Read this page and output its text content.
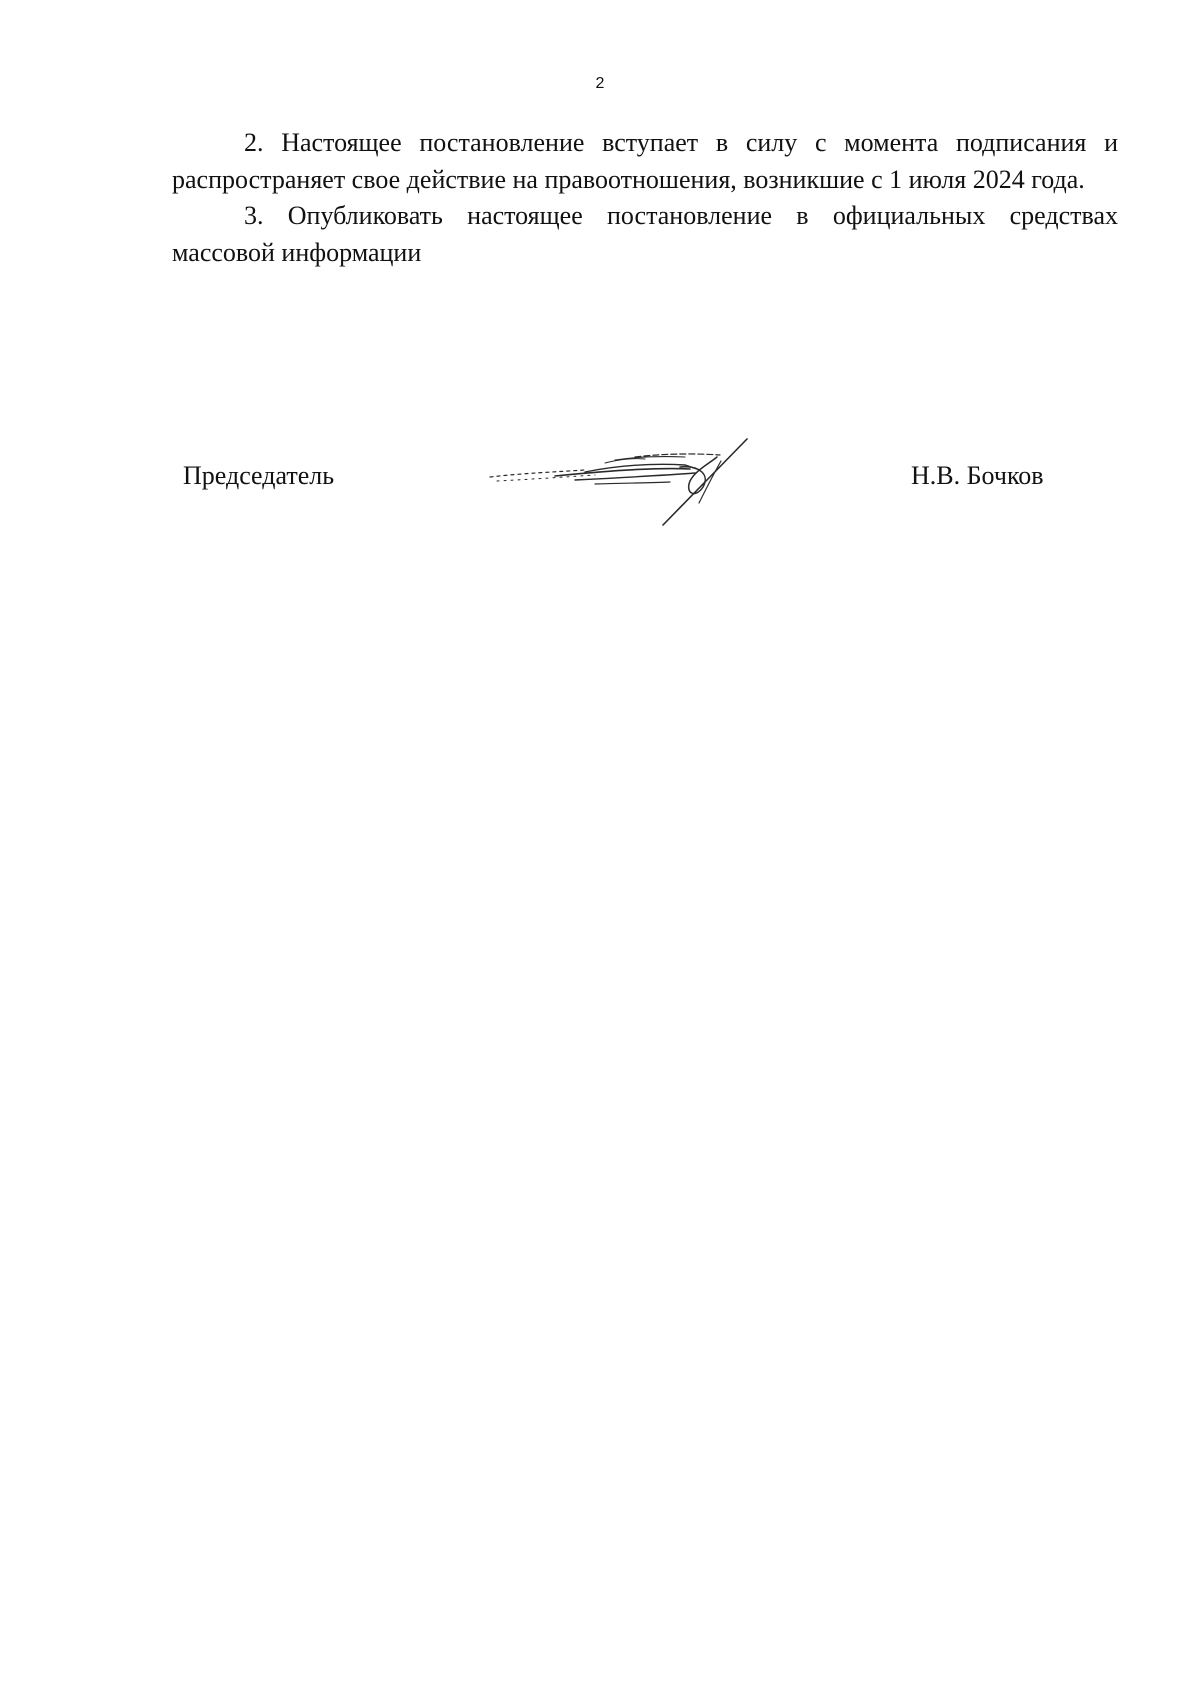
2

2. Настоящее постановление вступает в силу с момента подписания и распространяет свое действие на правоотношения, возникшие с 1 июля 2024 года.

3. Опубликовать настоящее постановление в официальных средствах массовой информации

Председатель	Н.В. Бочков
